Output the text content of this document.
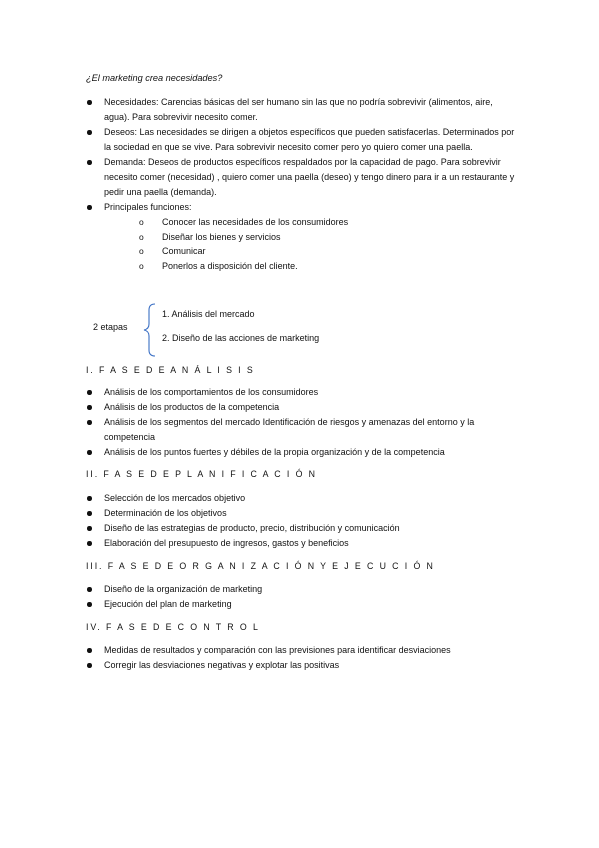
¿El marketing crea necesidades?
Necesidades: Carencias básicas del ser humano sin las que no podría sobrevivir (alimentos, aire, agua). Para sobrevivir necesito comer.
Deseos: Las necesidades se dirigen a objetos específicos que pueden satisfacerlas. Determinados por la sociedad en que se vive. Para sobrevivir necesito comer pero yo quiero comer una paella.
Demanda: Deseos de productos específicos respaldados por la capacidad de pago. Para sobrevivir necesito comer (necesidad) , quiero comer una paella (deseo) y tengo dinero para ir a un restaurante y pedir una paella (demanda).
Principales funciones:
o Conocer las necesidades de los consumidores
o Diseñar los bienes y servicios
o Comunicar
o Ponerlos a disposición del cliente.
2 etapas
1. Análisis del mercado
2. Diseño de las acciones de marketing
I. F A S E D E A N Á L I S I S
Análisis de los comportamientos de los consumidores
Análisis de los productos de la competencia
Análisis de los segmentos del mercado Identificación de riesgos y amenazas del entorno y la competencia
Análisis de los puntos fuertes y débiles de la propia organización y de la competencia
II. F A S E D E P L A N I F I C A C I Ó N
Selección de los mercados objetivo
Determinación de los objetivos
Diseño de las estrategias de producto, precio, distribución y comunicación
Elaboración del presupuesto de ingresos, gastos y beneficios
III. F A S E D E O R G A N I Z A C I Ó N Y E J E C U C I Ó N
Diseño de la organización de marketing
Ejecución del plan de marketing
IV. F A S E D E C O N T R O L
Medidas de resultados y comparación con las previsiones para identificar desviaciones
Corregir las desviaciones negativas y explotar las positivas
